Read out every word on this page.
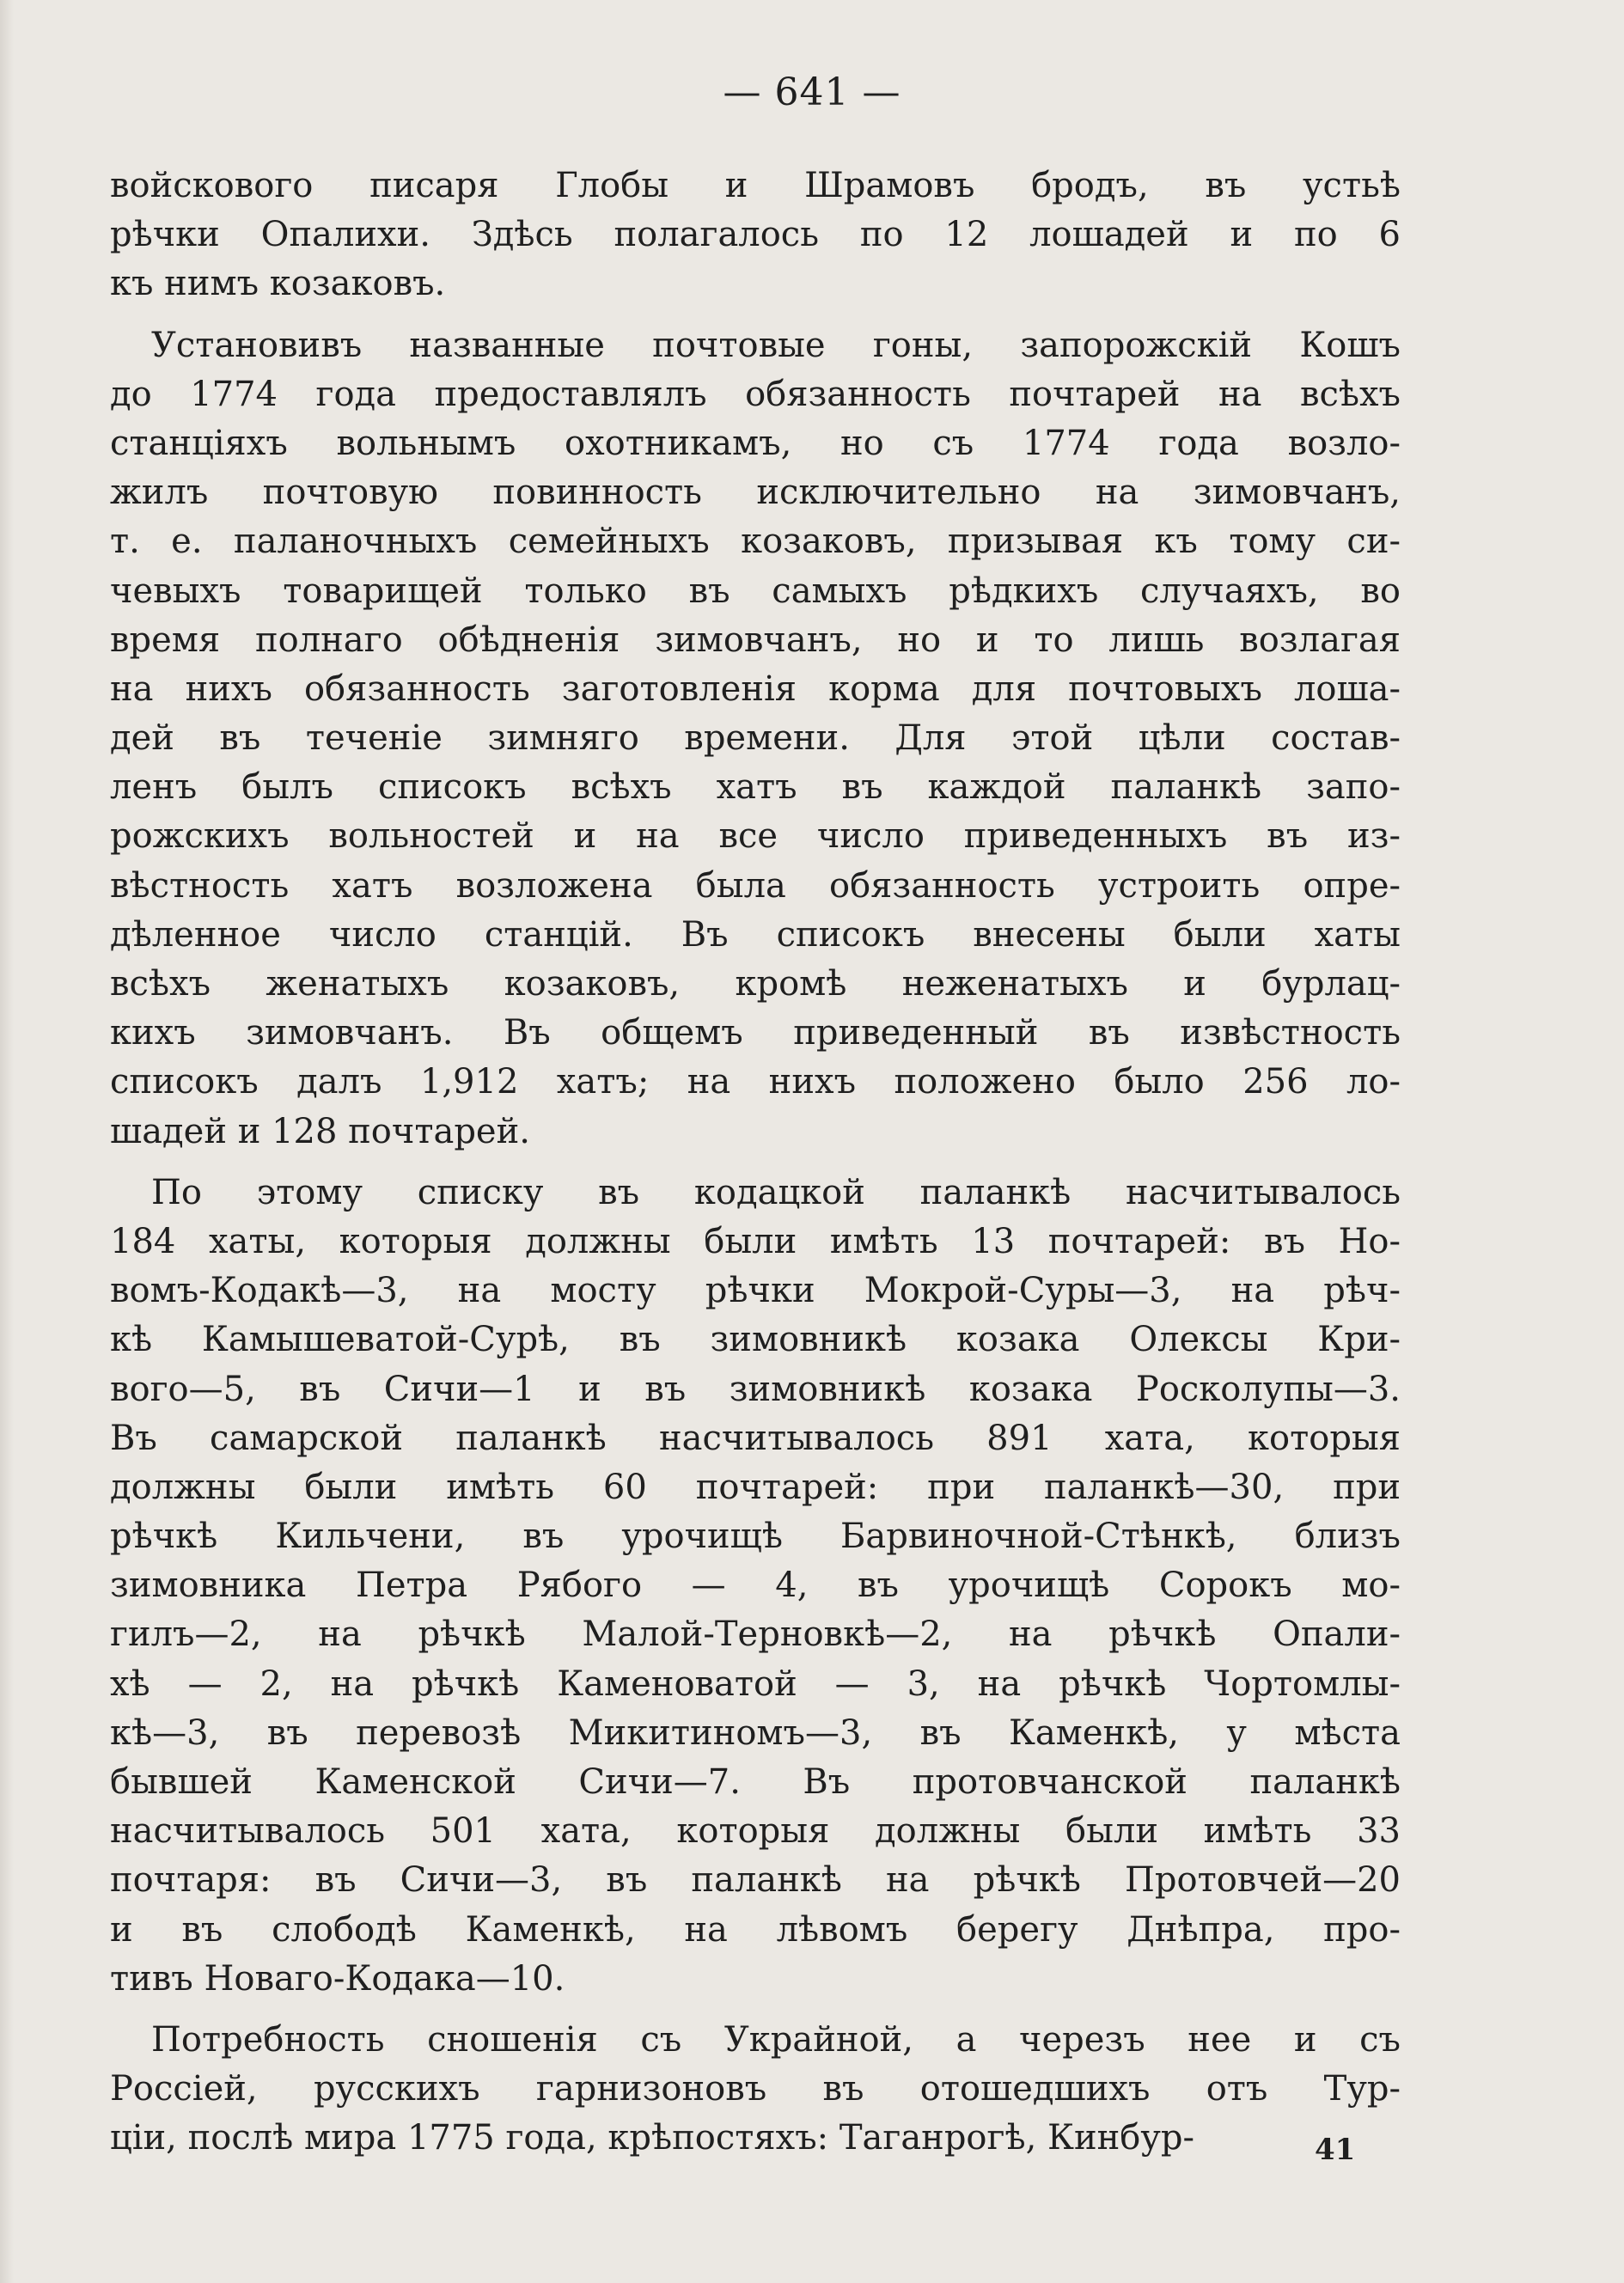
— 641 —
войскового писаря Глобы и Шрамовъ бродъ, въ устьѣ
рѣчки Опалихи. Здѣсь полагалось по 12 лошадей и по 6
къ нимъ козаковъ.
Установивъ названные почтовые гоны, запорожскій Кошъ
до 1774 года предоставлялъ обязанность почтарей на всѣхъ
станціяхъ вольнымъ охотникамъ, но съ 1774 года возло-
жилъ почтовую повинность исключительно на зимовчанъ,
т. е. паланочныхъ семейныхъ козаковъ, призывая къ тому си-
чевыхъ товарищей только въ самыхъ рѣдкихъ случаяхъ, во
время полнаго обѣдненія зимовчанъ, но и то лишь возлагая
на нихъ обязанность заготовленія корма для почтовыхъ лоша-
дей въ теченіе зимняго времени. Для этой цѣли состав-
ленъ былъ списокъ всѣхъ хатъ въ каждой паланкѣ запо-
рожскихъ вольностей и на все число приведенныхъ въ из-
вѣстность хатъ возложена была обязанность устроить опре-
дѣленное число станцій. Въ списокъ внесены были хаты
всѣхъ женатыхъ козаковъ, кромѣ неженатыхъ и бурлац-
кихъ зимовчанъ. Въ общемъ приведенный въ извѣстность
списокъ далъ 1,912 хатъ; на нихъ положено было 256 ло-
шадей и 128 почтарей.
По этому списку въ кодацкой паланкѣ насчитывалось
184 хаты, которыя должны были имѣть 13 почтарей: въ Но-
вомъ-Кодакѣ—3, на мосту рѣчки Мокрой-Суры—3, на рѣч-
кѣ Камышеватой-Сурѣ, въ зимовникѣ козака Олексы Кри-
вого—5, въ Сичи—1 и въ зимовникѣ козака Росколупы—3.
Въ самарской паланкѣ насчитывалось 891 хата, которыя
должны были имѣть 60 почтарей: при паланкѣ—30, при
рѣчкѣ Кильчени, въ урочищѣ Барвиночной-Стѣнкѣ, близъ
зимовника Петра Рябого — 4, въ урочищѣ Сорокъ мо-
гилъ—2, на рѣчкѣ Малой-Терновкѣ—2, на рѣчкѣ Опали-
хѣ — 2, на рѣчкѣ Каменоватой — 3, на рѣчкѣ Чортомлы-
кѣ—3, въ перевозѣ Микитиномъ—3, въ Каменкѣ, у мѣста
бывшей Каменской Сичи—7. Въ протовчанской паланкѣ
насчитывалось 501 хата, которыя должны были имѣть 33
почтаря: въ Сичи—3, въ паланкѣ на рѣчкѣ Протовчей—20
и въ слободѣ Каменкѣ, на лѣвомъ берегу Днѣпра, про-
тивъ Новаго-Кодака—10.
Потребность сношенія съ Украйной, а черезъ нее и съ
Россіей, русскихъ гарнизоновъ въ отошедшихъ отъ Тур-
ціи, послѣ мира 1775 года, крѣпостяхъ: Таганрогѣ, Кинбур-	41
